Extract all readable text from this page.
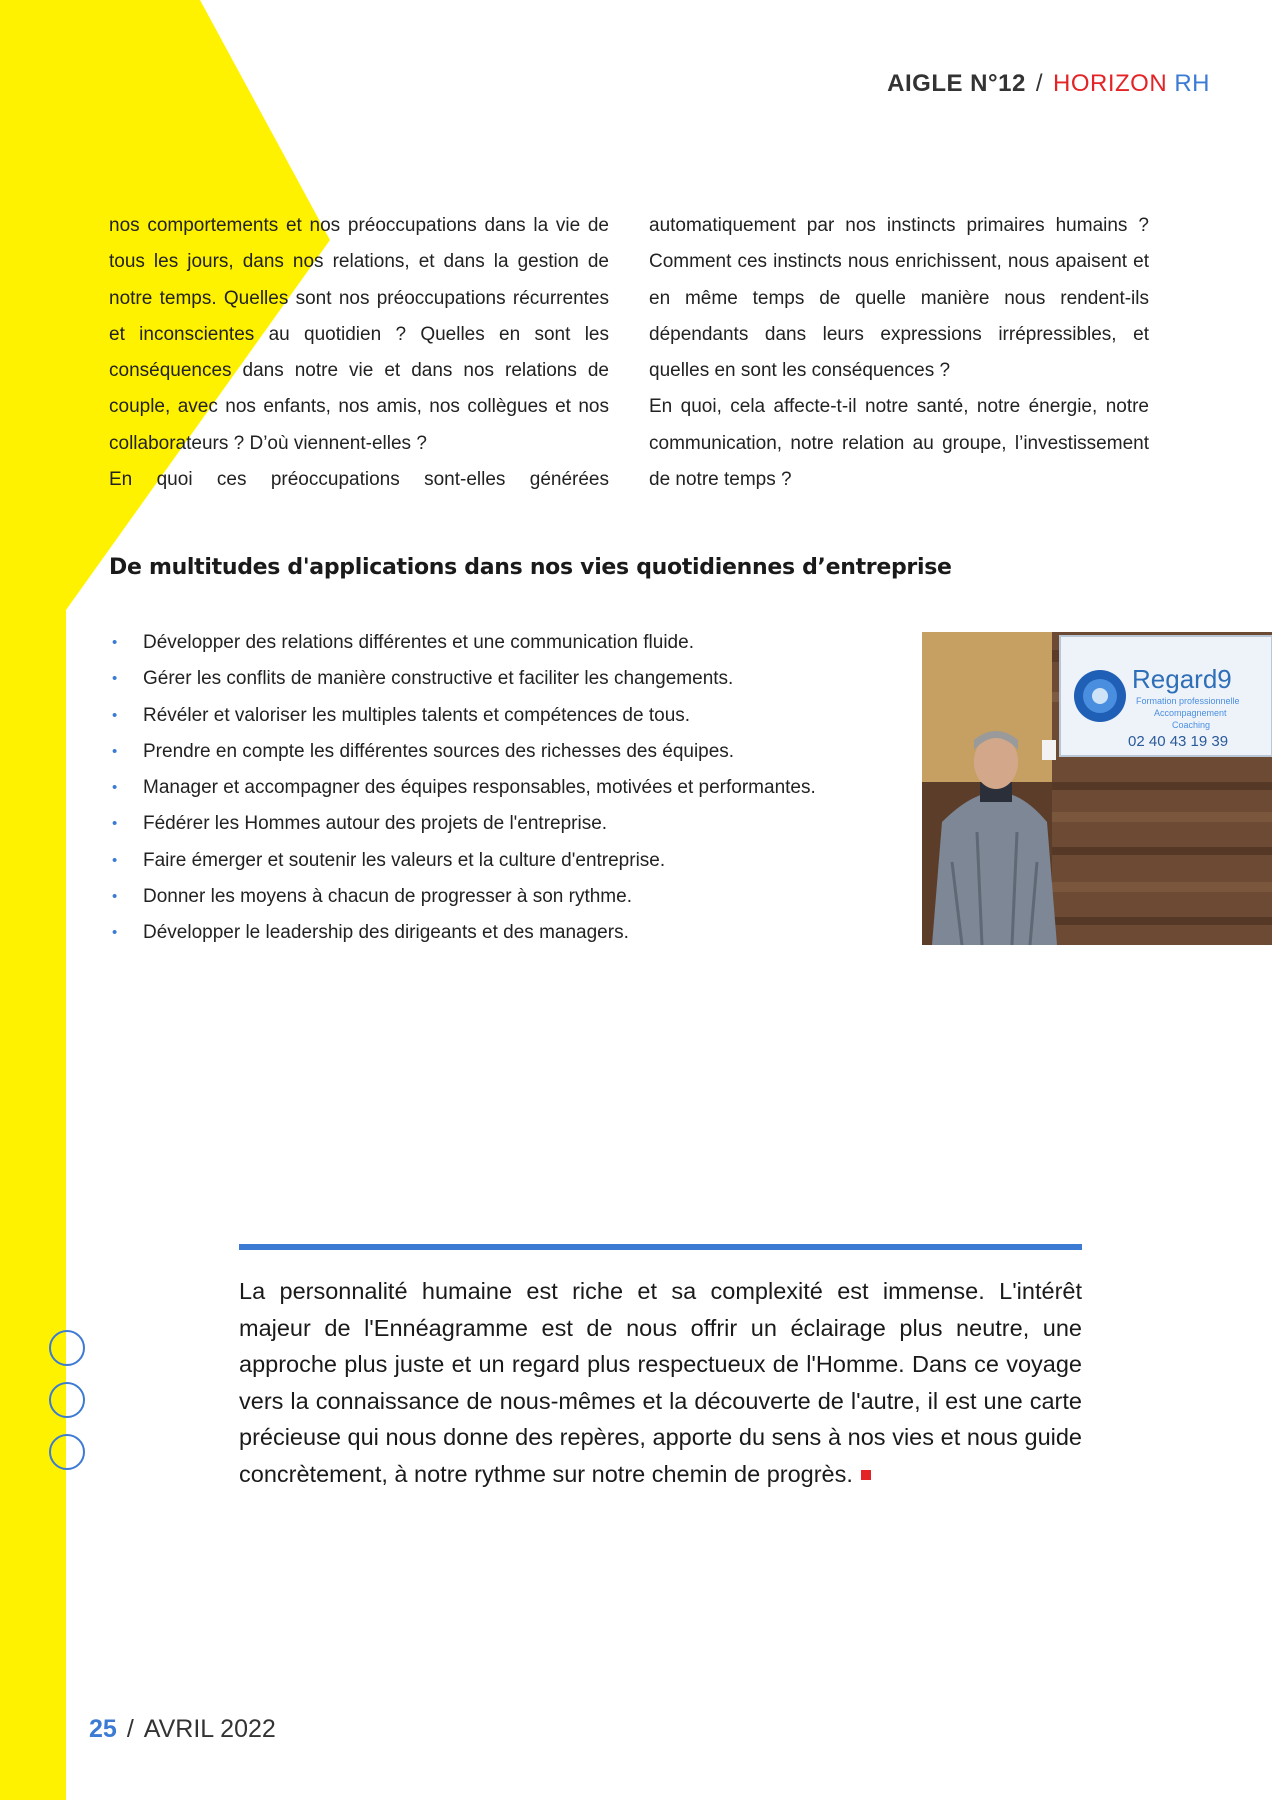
AIGLE N°12 / HORIZON RH

nos comportements et nos préoccupations dans la vie de tous les jours, dans nos relations, et dans la gestion de notre temps. Quelles sont nos préoccupations récurrentes et inconscientes au quotidien ? Quelles en sont les conséquences dans notre vie et dans nos relations de couple, avec nos enfants, nos amis, nos collègues et nos collaborateurs ? D’où viennent-elles ?

En quoi ces préoccupations sont-elles générées

automatiquement par nos instincts primaires humains ? Comment ces instincts nous enrichissent, nous apaisent et en même temps de quelle manière nous rendent-ils dépendants dans leurs expressions irrépressibles, et quelles en sont les conséquences ?

En quoi, cela affecte-t-il notre santé, notre énergie, notre communication, notre relation au groupe, l’investissement de notre temps ?

De multitudes d'applications dans nos vies quotidiennes d’entreprise
• Développer des relations différentes et une communication fluide.
• Gérer les conflits de manière constructive et faciliter les changements.
• Révéler et valoriser les multiples talents et compétences de tous.
• Prendre en compte les différentes sources des richesses des équipes.
• Manager et accompagner des équipes responsables, motivées et performantes.
• Fédérer les Hommes autour des projets de l'entreprise.
• Faire émerger et soutenir les valeurs et la culture d'entreprise.
• Donner les moyens à chacun de progresser à son rythme.
• Développer le leadership des dirigeants et des managers.
Regard9
Formation professionnelle
Accompagnement
Coaching
02 40 43 19 39

La personnalité humaine est riche et sa complexité est immense. L'intérêt majeur de l'Ennéagramme est de nous offrir un éclairage plus neutre, une approche plus juste et un regard plus respectueux de l'Homme. Dans ce voyage vers la connaissance de nous-mêmes et la découverte de l'autre, il est une carte précieuse qui nous donne des repères, apporte du sens à nos vies et nous guide concrètement, à notre rythme sur notre chemin de progrès.

25 / AVRIL 2022
